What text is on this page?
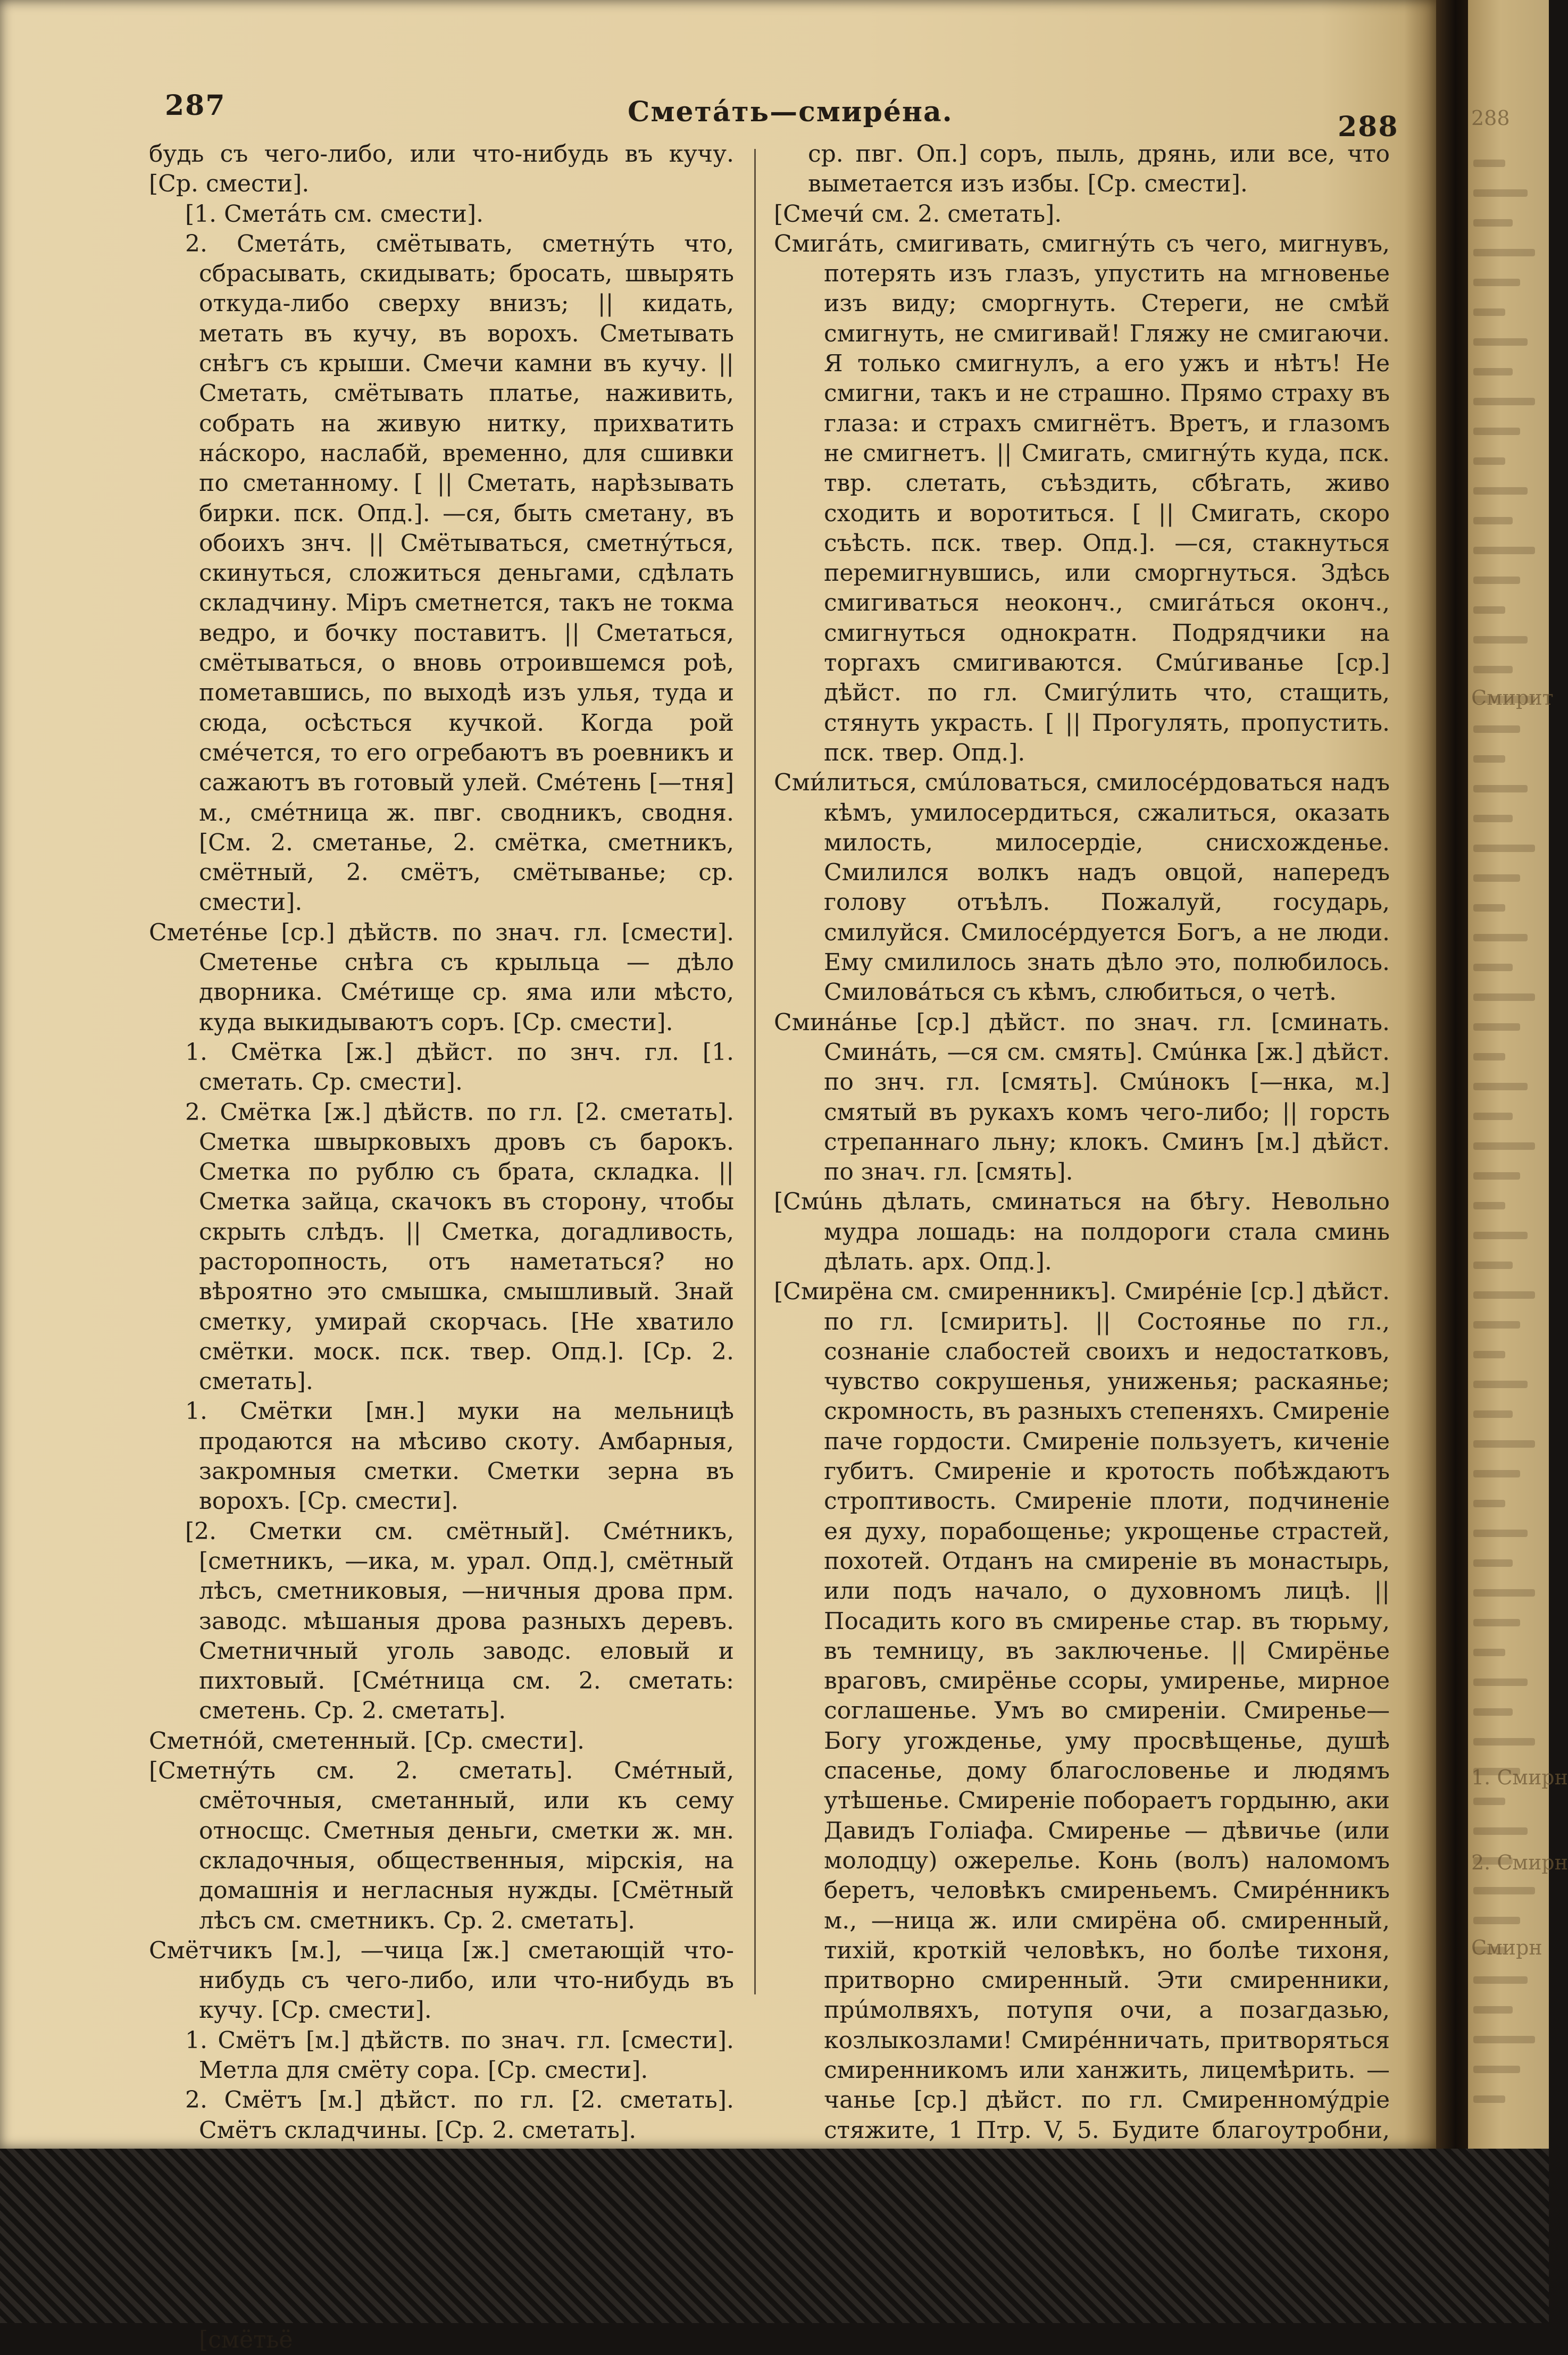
287	Сметáть—смирéна.	288

будь съ чего-либо, или что-нибудь въ кучу. [Ср. смести].

[1. Сметáть см. смести].

2. Сметáть, смётывать, сметнýть что, сбрасывать, скидывать; бросать, швырять откуда-либо сверху внизъ; || кидать, метать въ кучу, въ ворохъ. Сметывать снѣгъ съ крыши. Смечи камни въ кучу. || Сметать, смётывать платье, наживить, собрать на живую нитку, прихватить нáскоро, наслабй, временно, для сшивки по сметанному. [ || Сметать, нарѣзывать бирки. пск. Опд.]. —ся, быть сметану, въ обоихъ знч. || Смётываться, сметнýться, скинуться, сложиться деньгами, сдѣлать складчину. Міръ сметнется, такъ не токма ведро, и бочку поставитъ. || Сметаться, смётываться, о вновь отроившемся роѣ, пометавшись, по выходѣ изъ улья, туда и сюда, осѣсться кучкой. Когда рой смéчется, то его огребаютъ въ роевникъ и сажаютъ въ готовый улей. Смéтень [—тня] м., смéтница ж. пвг. сводникъ, сводня. [См. 2. сметанье, 2. смётка, сметникъ, смётный, 2. смётъ, смётыванье; ср. смести].

Сметéнье [ср.] дѣйств. по знач. гл. [смести]. Сметенье снѣга съ крыльца — дѣло дворника. Смéтище ср. яма или мѣсто, куда выкидываютъ соръ. [Ср. смести].

1. Смётка [ж.] дѣйст. по знч. гл. [1. сметать. Ср. смести].

2. Смётка [ж.] дѣйств. по гл. [2. сметать]. Сметка швырковыхъ дровъ съ барокъ. Сметка по рублю съ брата, складка. || Сметка зайца, скачокъ въ сторону, чтобы скрыть слѣдъ. || Сметка, догадливость, расторопность, отъ наметаться? но вѣроятно это смышка, смышливый. Знай сметку, умирай скорчась. [Не хватило смётки. моск. пск. твер. Опд.]. [Ср. 2. сметать].

1. Смётки [мн.] муки на мельницѣ продаются на мѣсиво скоту. Амбарныя, закромныя сметки. Сметки зерна въ ворохъ. [Ср. смести].

[2. Сметки см. смётный]. Смéтникъ, [сметникъ, —ика, м. урал. Опд.], смётный лѣсъ, сметниковыя, —ничныя дрова прм. заводс. мѣшаныя дрова разныхъ деревъ. Сметничный уголь заводс. еловый и пихтовый. [Смéтница см. 2. сметать: сметень. Ср. 2. сметать].

Сметнóй, сметенный. [Ср. смести].

[Сметнýть см. 2. сметать]. Смéтный, смёточныя, сметанный, или къ сему относщс. Сметныя деньги, сметки ж. мн. складочныя, общественныя, мірскія, на домашнія и негласныя нужды. [Смётный лѣсъ см. сметникъ. Ср. 2. сметать].

Смётчикъ [м.], —чица [ж.] сметающій что-нибудь съ чего-либо, или что-нибудь въ кучу. [Ср. смести].

1. Смётъ [м.] дѣйств. по знач. гл. [смести]. Метла для смёту сора. [Ср. смести].

2. Смётъ [м.] дѣйст. по гл. [2. сметать]. Смётъ складчины. [Ср. 2. сметать].

[смётьё

ср. пвг. Оп.] соръ, пыль, дрянь, или все, что выметается изъ избы. [Ср. смести].

[Смечи́ см. 2. сметать].

Смигáть, смигивать, смигнýть съ чего, мигнувъ, потерять изъ глазъ, упустить на мгновенье изъ виду; сморгнуть. Стереги, не смѣй смигнуть, не смигивай! Гляжу не смигаючи. Я только смигнулъ, а его ужъ и нѣтъ! Не смигни, такъ и не страшно. Прямо страху въ глаза: и страхъ смигнётъ. Вретъ, и глазомъ не смигнетъ. || Смигать, смигнýть куда, пск. твр. слетать, съѣздить, сбѣгать, живо сходить и воротиться. [ || Смигать, скоро съѣсть. пск. твер. Опд.]. —ся, стакнуться перемигнувшись, или сморгнуться. Здѣсь смигиваться неоконч., смигáться оконч., смигнуться однократн. Подрядчики на торгахъ смигиваются. Смúгиванье [ср.] дѣйст. по гл. Смигýлить что, стащить, стянуть украсть. [ || Прогулять, пропустить. пск. твер. Опд.].

Сми́литься, смúловаться, смилосéрдоваться надъ кѣмъ, умилосердиться, сжалиться, оказать милость, милосердіе, снисхожденье. Смилился волкъ надъ овцой, напередъ голову отъѣлъ. Пожалуй, государь, смилуйся. Смилосéрдуется Богъ, а не люди. Ему смилилось знать дѣло это, полюбилось. Смиловáться съ кѣмъ, слюбиться, о четѣ.

Сминáнье [ср.] дѣйст. по знач. гл. [сминать. Сминáть, —ся см. смять]. Смúнка [ж.] дѣйст. по знч. гл. [смять]. Смúнокъ [—нка, м.] смятый въ рукахъ комъ чего-либо; || горсть стрепаннаго льну; клокъ. Сминъ [м.] дѣйст. по знач. гл. [смять].

[Смúнь дѣлать, сминаться на бѣгу. Невольно мудра лошадь: на полдороги стала сминь дѣлать. арх. Опд.].

[Смирёна см. смиренникъ]. Смирéніе [ср.] дѣйст. по гл. [смирить]. || Состоянье по гл., сознаніе слабостей своихъ и недостатковъ, чувство сокрушенья, униженья; раскаянье; скромность, въ разныхъ степеняхъ. Смиреніе паче гордости. Смиреніе пользуетъ, киченіе губитъ. Смиреніе и кротость побѣждаютъ строптивость. Смиреніе плоти, подчиненіе ея духу, порабощенье; укрощенье страстей, похотей. Отданъ на смиреніе въ монастырь, или подъ начало, о духовномъ лицѣ. || Посадить кого въ смиренье стар. въ тюрьму, въ темницу, въ заключенье. || Смирёнье враговъ, смирёнье ссоры, умиренье, мирное соглашенье. Умъ во смиреніи. Смиренье—Богу угожденье, уму просвѣщенье, душѣ спасенье, дому благословенье и людямъ утѣшенье. Смиреніе побораетъ гордыню, аки Давидъ Голіафа. Смиренье — дѣвичье (или молодцу) ожерелье. Конь (волъ) наломомъ беретъ, человѣкъ смиреньемъ. Смирéнникъ м., —ница ж. или смирёна об. смиренный, тихій, кроткій человѣкъ, но болѣе тихоня, притворно смиренный. Эти смиренники, прúмолвяхъ, потупя очи, а позагдазью, козлыкозлами! Смирéнничать, притворяться смиренникомъ или ханжить, лицемѣрить. —чанье [ср.] дѣйст. по гл. Смиренномýдріе стяжите, 1 Птр. V, 5. Будите благоутробни,

288
Смирит
1. Смирн
2. Смирн
Смирн
